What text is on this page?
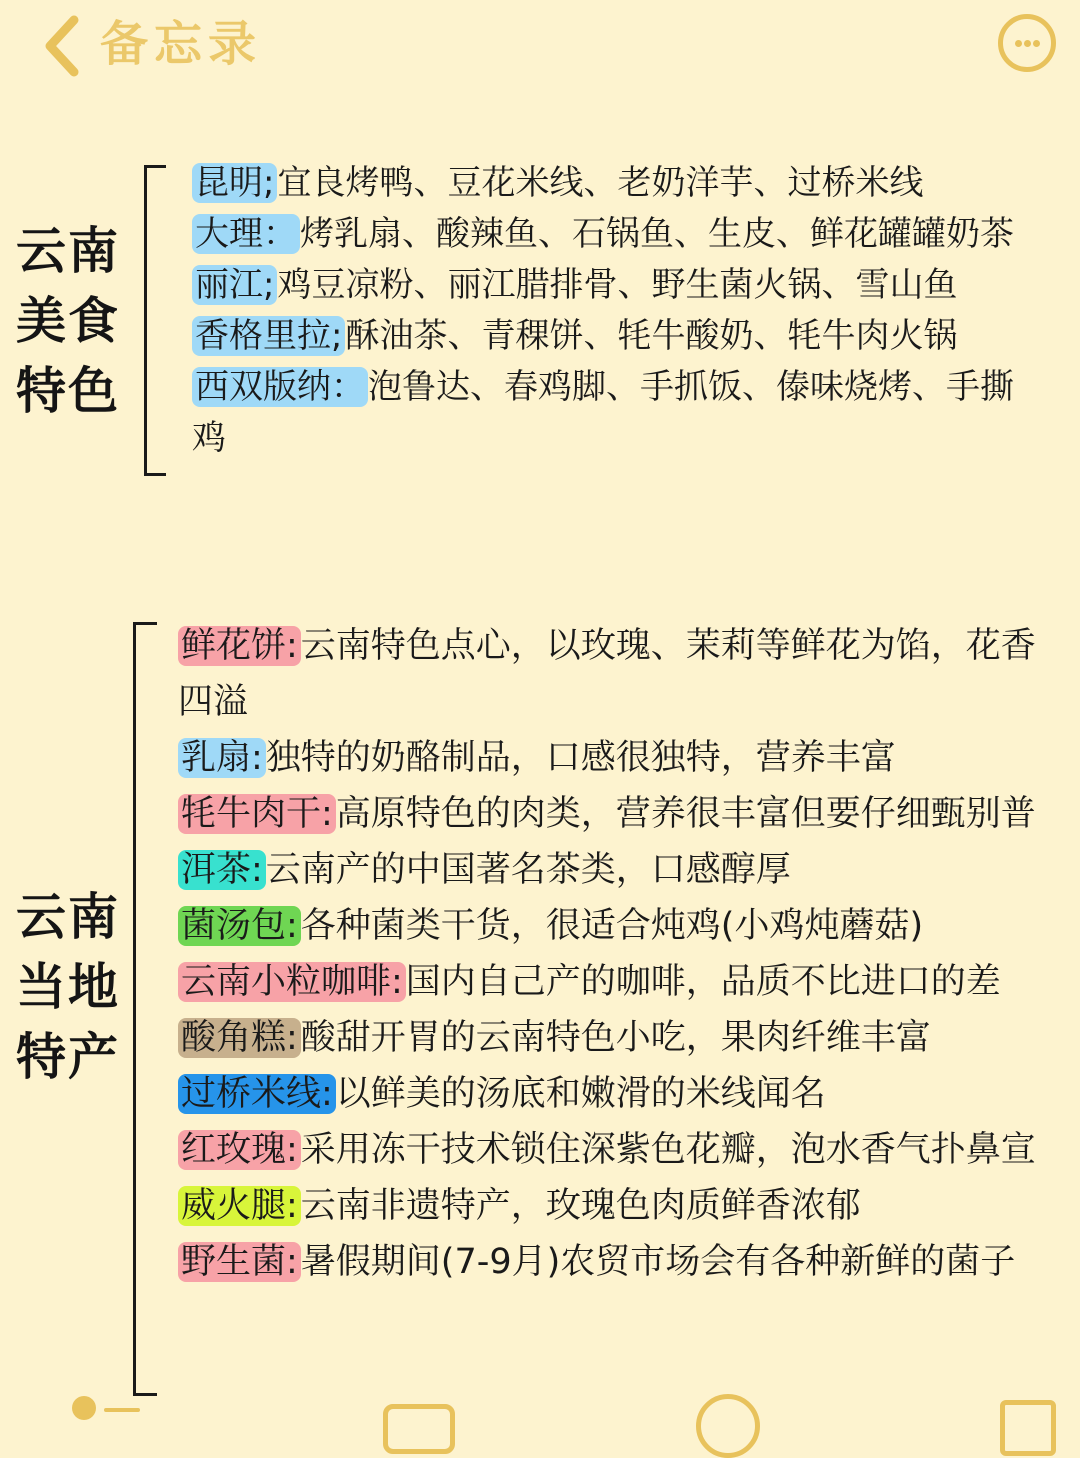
备忘录
云南
美食
特色
昆明;宜良烤鸭、豆花米线、老奶洋芋、过桥米线
大理：烤乳扇、酸辣鱼、石锅鱼、生皮、鲜花罐罐奶茶
丽江;鸡豆凉粉、丽江腊排骨、野生菌火锅、雪山鱼
香格里拉;酥油茶、青稞饼、牦牛酸奶、牦牛肉火锅
西双版纳：泡鲁达、春鸡脚、手抓饭、傣味烧烤、手撕鸡
云南
当地
特产
鲜花饼:云南特色点心，以玫瑰、茉莉等鲜花为馅，花香四溢
乳扇:独特的奶酪制品，口感很独特，营养丰富
牦牛肉干:高原特色的肉类，营养很丰富但要仔细甄别普
洱茶:云南产的中国著名茶类，口感醇厚
菌汤包:各种菌类干货，很适合炖鸡(小鸡炖蘑菇)
云南小粒咖啡:国内自己产的咖啡，品质不比进口的差
酸角糕:酸甜开胃的云南特色小吃，果肉纤维丰富
过桥米线:以鲜美的汤底和嫩滑的米线闻名
红玫瑰:采用冻干技术锁住深紫色花瓣，泡水香气扑鼻宣
威火腿:云南非遗特产，玫瑰色肉质鲜香浓郁
野生菌:暑假期间(7-9月)农贸市场会有各种新鲜的菌子
